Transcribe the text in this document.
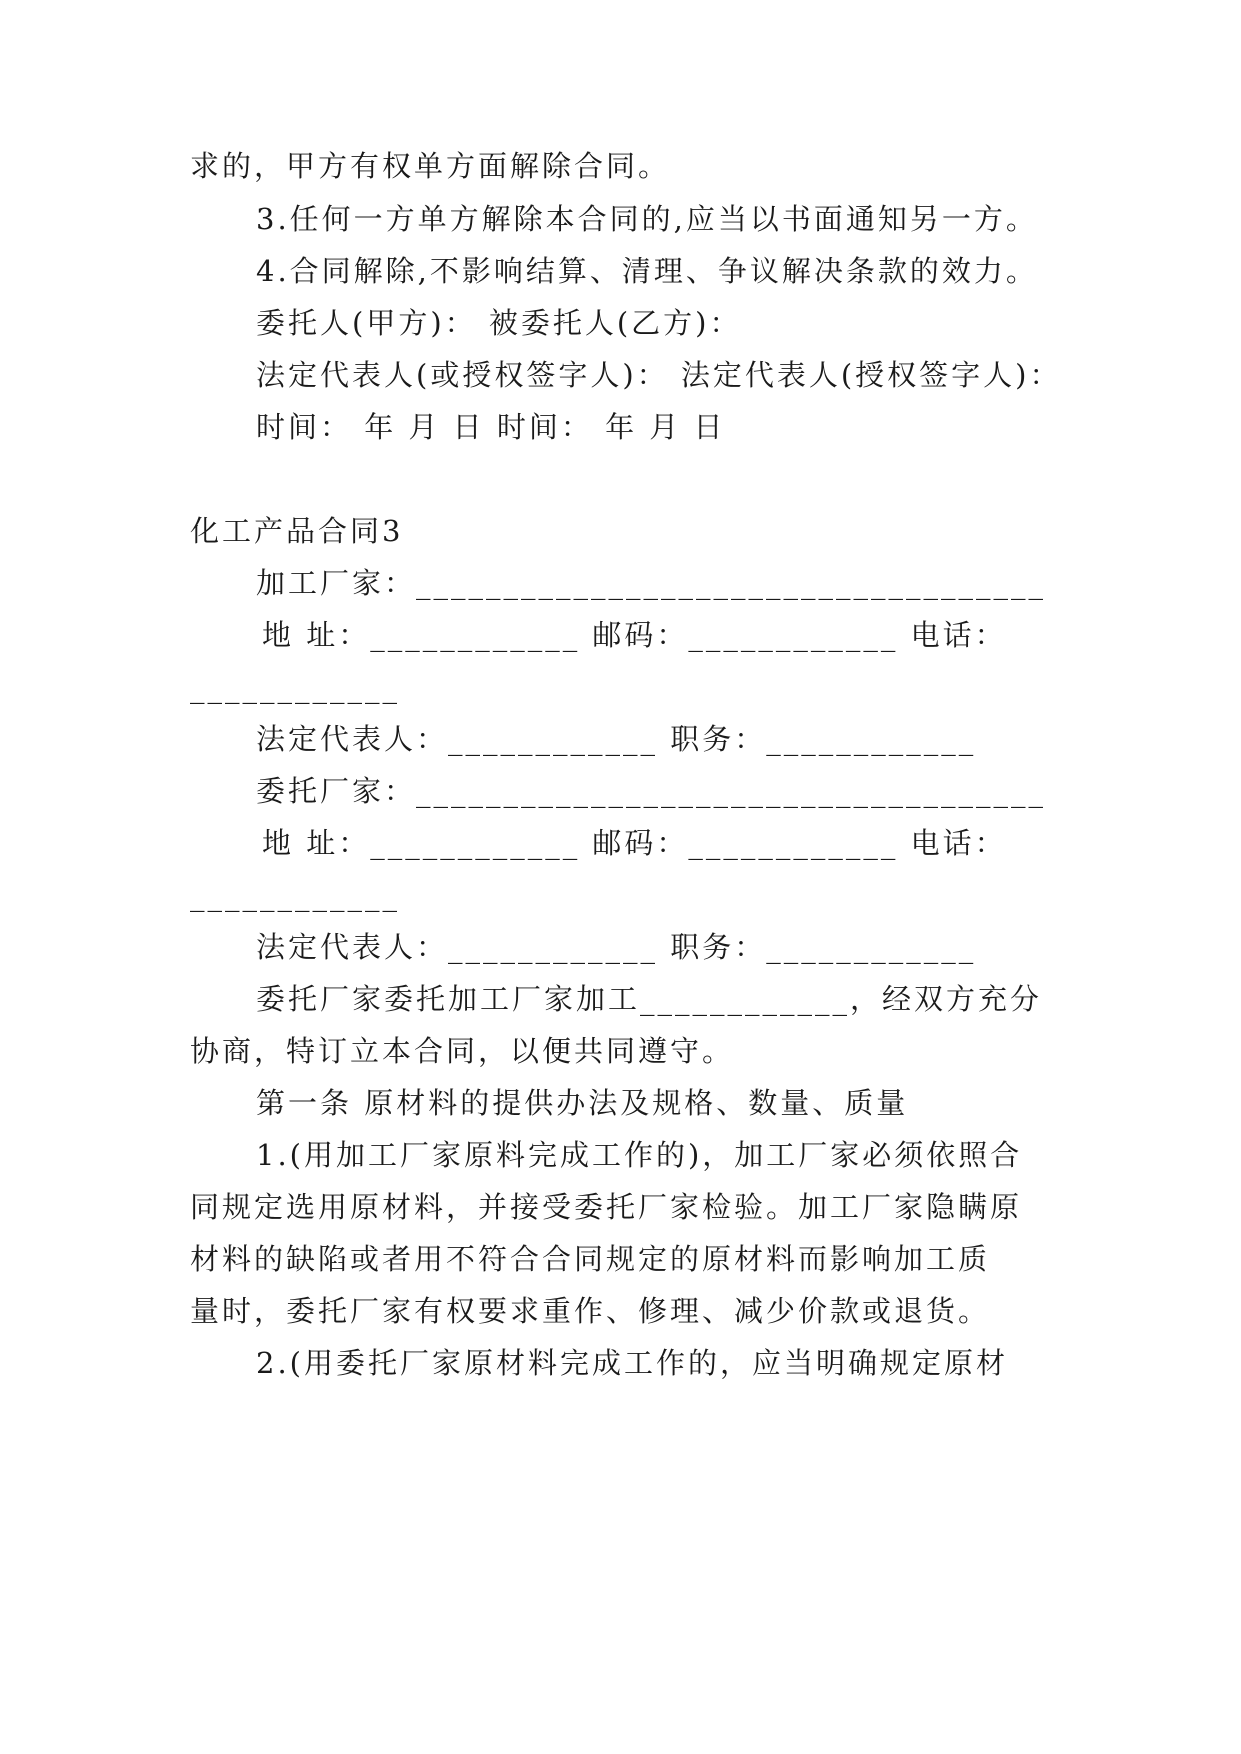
求的，甲方有权单方面解除合同。
3.任何一方单方解除本合同的,应当以书面通知另一方。
4.合同解除,不影响结算、清理、争议解决条款的效力。
委托人(甲方)： 被委托人(乙方)：
法定代表人(或授权签字人)： 法定代表人(授权签字人)：
时间： 年 月 日 时间： 年 月 日
化工产品合同3
加工厂家：____________________________________
地 址：____________ 邮码：____________ 电话：
____________
法定代表人：____________ 职务：____________
委托厂家：____________________________________
地 址：____________ 邮码：____________ 电话：
____________
法定代表人：____________ 职务：____________
委托厂家委托加工厂家加工____________，经双方充分
协商，特订立本合同，以便共同遵守。
第一条 原材料的提供办法及规格、数量、质量
1.(用加工厂家原料完成工作的)，加工厂家必须依照合
同规定选用原材料，并接受委托厂家检验。加工厂家隐瞒原
材料的缺陷或者用不符合合同规定的原材料而影响加工质
量时，委托厂家有权要求重作、修理、减少价款或退货。
2.(用委托厂家原材料完成工作的，应当明确规定原材
